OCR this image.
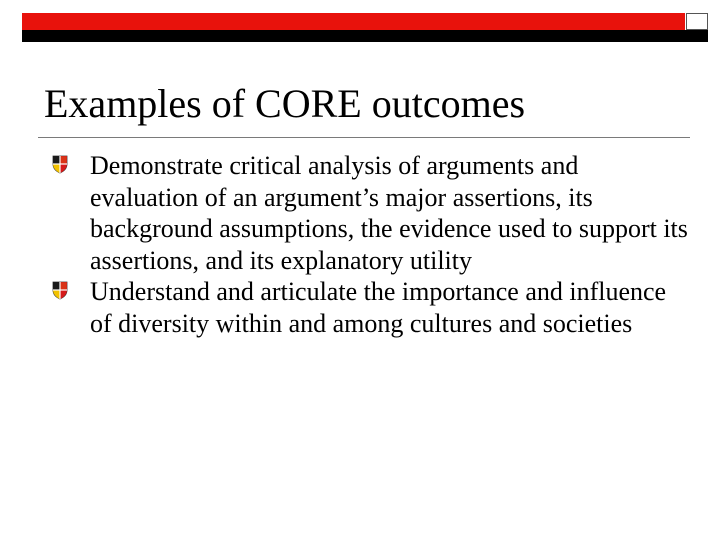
Examples of CORE outcomes
Demonstrate critical analysis of arguments and evaluation of an argument’s major assertions, its background assumptions, the evidence used to support its assertions, and its explanatory utility
Understand and articulate the importance and influence of diversity within and among cultures and societies
